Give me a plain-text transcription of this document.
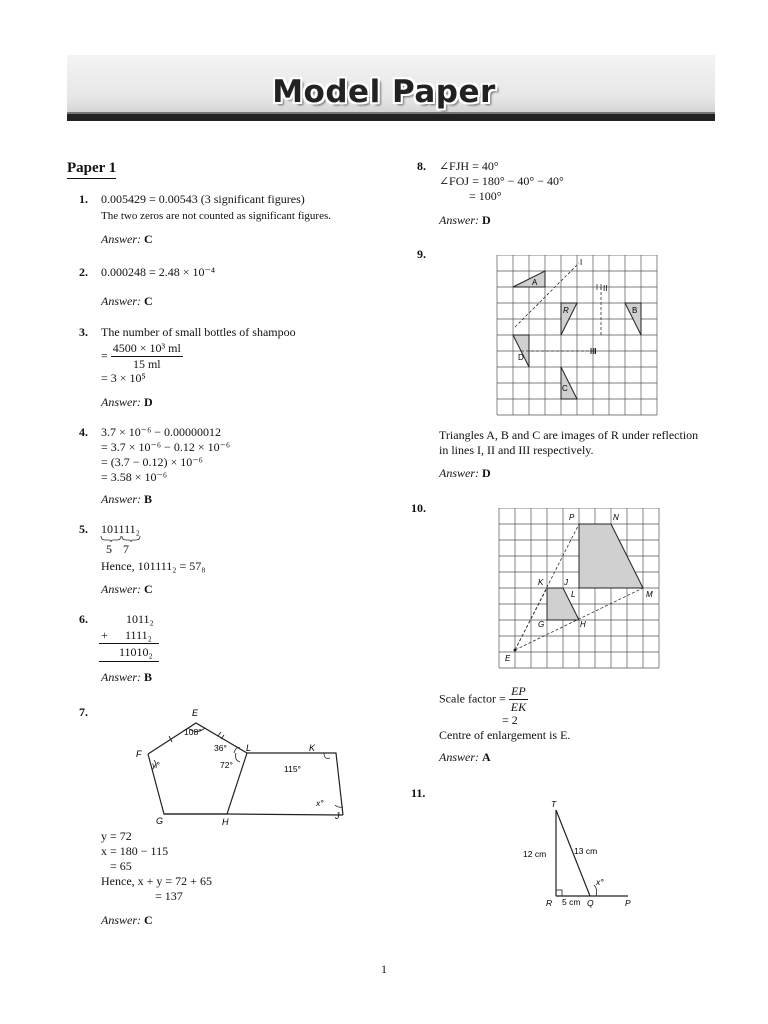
Model Paper
Paper 1
1. 0.005429 = 0.00543 (3 significant figures)
The two zeros are not counted as significant figures.
Answer: C
2. 0.000248 = 2.48 × 10⁻⁴
Answer: C
3. The number of small bottles of shampoo
= $\frac{\text{4500 × 10³ ml}}{15 ml}$
= 3 × 10⁵
Answer: D
4. 3.7 × 10⁻⁶ − 0.00000012
= 3.7 × 10⁻⁶ − 0.12 × 10⁻⁶
= (3.7 − 0.12) × 10⁻⁶
= 3.58 × 10⁻⁶
Answer: B
5. 101111₂
5 7
Hence, 101111₂ = 57₈
Answer: C
6.	1011₂
+ 1111₂
11010₂
Answer: B
7.	E
F
G	H
L	K
J
108°
36°
72°	115°
y°
x°
y = 72
x = 180 − 115
= 65
Hence, x + y = 72 + 65
= 137
Answer: C
8. ∠FJH = 40°
∠FOJ = 180° − 40° − 40°
= 100°
Answer: D
9.
I
II
III
A
R	B
D
C
Triangles A, B and C are images of R under reflection
in lines I, II and III respectively.
Answer: D
10.
P	N
K	J
L	M
G	H
E
Scale factor = $\frac{EP}{EK}$
= 2
Centre of enlargement is E.
Answer: A
11.
T
R	Q	P
12 cm	13 cm
5 cm
x°
1
